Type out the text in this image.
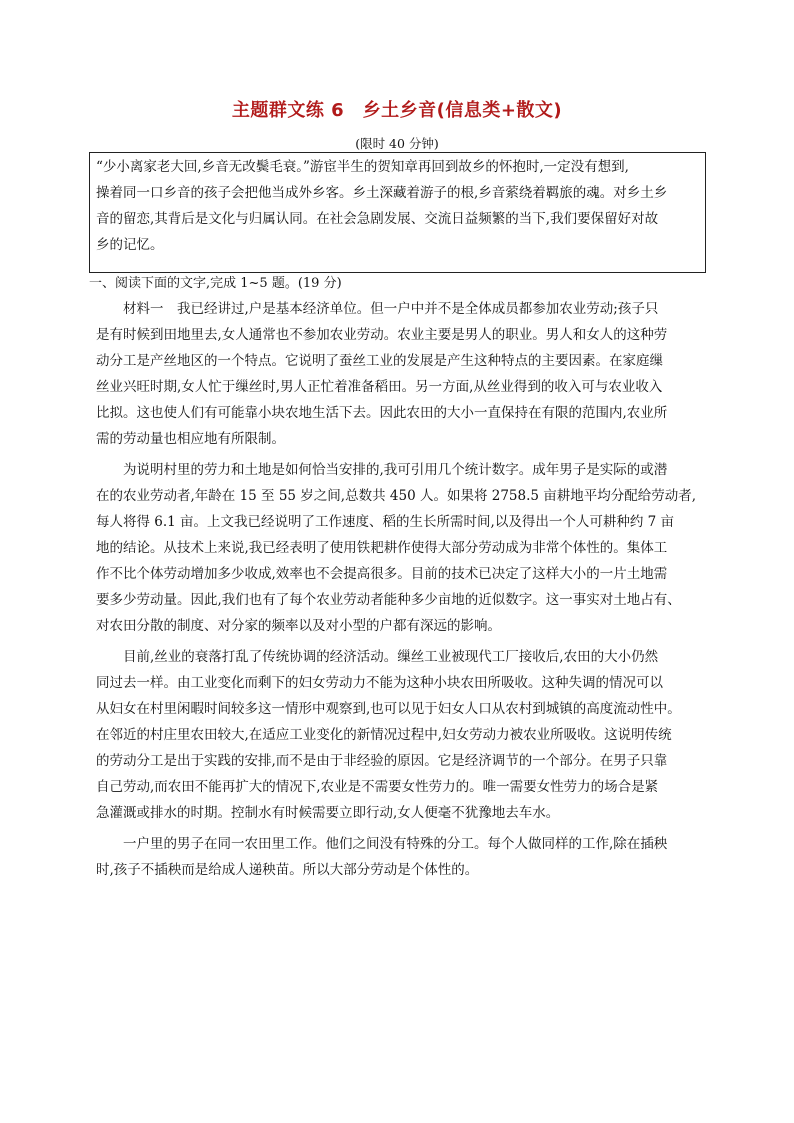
主题群文练 6　乡土乡音(信息类+散文)
(限时 40 分钟)
“少小离家老大回,乡音无改鬓毛衰。”游宦半生的贺知章再回到故乡的怀抱时,一定没有想到,
操着同一口乡音的孩子会把他当成外乡客。乡土深藏着游子的根,乡音萦绕着羁旅的魂。对乡土乡
音的留恋,其背后是文化与归属认同。在社会急剧发展、交流日益频繁的当下,我们要保留好对故
乡的记忆。
一、阅读下面的文字,完成 1~5 题。(19 分)
材料一　我已经讲过,户是基本经济单位。但一户中并不是全体成员都参加农业劳动;孩子只
是有时候到田地里去,女人通常也不参加农业劳动。农业主要是男人的职业。男人和女人的这种劳
动分工是产丝地区的一个特点。它说明了蚕丝工业的发展是产生这种特点的主要因素。在家庭缫
丝业兴旺时期,女人忙于缫丝时,男人正忙着准备稻田。另一方面,从丝业得到的收入可与农业收入
比拟。这也使人们有可能靠小块农地生活下去。因此农田的大小一直保持在有限的范围内,农业所
需的劳动量也相应地有所限制。
为说明村里的劳力和土地是如何恰当安排的,我可引用几个统计数字。成年男子是实际的或潜
在的农业劳动者,年龄在 15 至 55 岁之间,总数共 450 人。如果将 2758.5 亩耕地平均分配给劳动者,
每人将得 6.1 亩。上文我已经说明了工作速度、稻的生长所需时间,以及得出一个人可耕种约 7 亩
地的结论。从技术上来说,我已经表明了使用铁耙耕作使得大部分劳动成为非常个体性的。集体工
作不比个体劳动增加多少收成,效率也不会提高很多。目前的技术已决定了这样大小的一片土地需
要多少劳动量。因此,我们也有了每个农业劳动者能种多少亩地的近似数字。这一事实对土地占有、
对农田分散的制度、对分家的频率以及对小型的户都有深远的影响。
目前,丝业的衰落打乱了传统协调的经济活动。缫丝工业被现代工厂接收后,农田的大小仍然
同过去一样。由工业变化而剩下的妇女劳动力不能为这种小块农田所吸收。这种失调的情况可以
从妇女在村里闲暇时间较多这一情形中观察到,也可以见于妇女人口从农村到城镇的高度流动性中。
在邻近的村庄里农田较大,在适应工业变化的新情况过程中,妇女劳动力被农业所吸收。这说明传统
的劳动分工是出于实践的安排,而不是由于非经验的原因。它是经济调节的一个部分。在男子只靠
自己劳动,而农田不能再扩大的情况下,农业是不需要女性劳力的。唯一需要女性劳力的场合是紧
急灌溉或排水的时期。控制水有时候需要立即行动,女人便毫不犹豫地去车水。
一户里的男子在同一农田里工作。他们之间没有特殊的分工。每个人做同样的工作,除在插秧
时,孩子不插秧而是给成人递秧苗。所以大部分劳动是个体性的。
